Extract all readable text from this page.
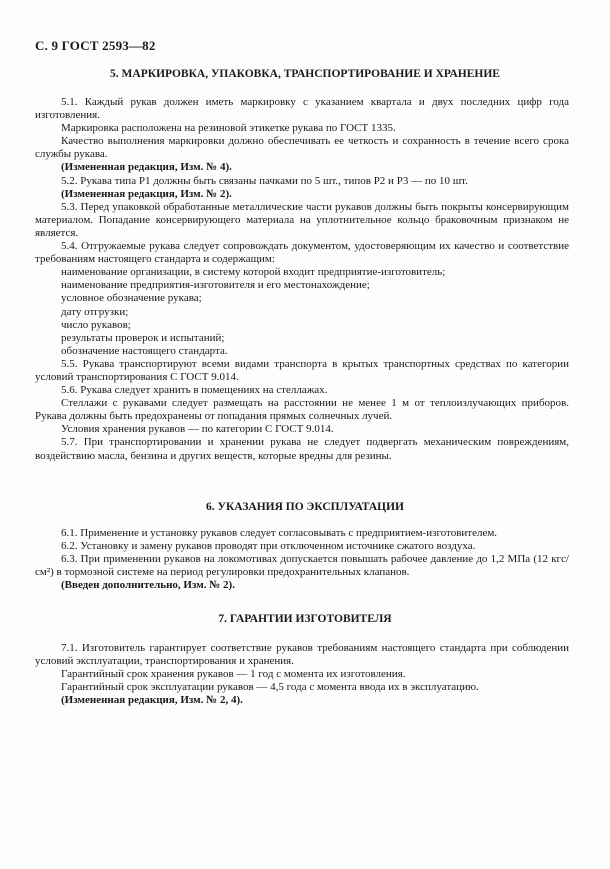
С. 9 ГОСТ 2593—82
5. МАРКИРОВКА, УПАКОВКА, ТРАНСПОРТИРОВАНИЕ И ХРАНЕНИЕ

5.1. Каждый рукав должен иметь маркировку с указанием квартала и двух последних цифр года изготовления.

Маркировка расположена на резиновой этикетке рукава по ГОСТ 1335.

Качество выполнения маркировки должно обеспечивать ее четкость и сохранность в течение всего срока службы рукава.

(Измененная редакция, Изм. № 4).

5.2. Рукава типа Р1 должны быть связаны пачками по 5 шт., типов Р2 и Р3 — по 10 шт.

(Измененная редакция, Изм. № 2).

5.3. Перед упаковкой обработанные металлические части рукавов должны быть покрыты консервирующим материалом. Попадание консервирующего материала на уплотнительное кольцо браковочным признаком не является.

5.4. Отгружаемые рукава следует сопровождать документом, удостоверяющим их качество и соответствие требованиям настоящего стандарта и содержащим:

наименование организации, в систему которой входит предприятие-изготовитель;

наименование предприятия-изготовителя и его местонахождение;

условное обозначение рукава;

дату отгрузки;

число рукавов;

результаты проверок и испытаний;

обозначение настоящего стандарта.

5.5. Рукава транспортируют всеми видами транспорта в крытых транспортных средствах по категории условий транспортирования С ГОСТ 9.014.

5.6. Рукава следует хранить в помещениях на стеллажах.

Стеллажи с рукавами следует размещать на расстоянии не менее 1 м от теплоизлучающих приборов. Рукава должны быть предохранены от попадания прямых солнечных лучей.

Условия хранения рукавов — по категории С ГОСТ 9.014.

5.7. При транспортировании и хранении рукава не следует подвергать механическим повреждениям, воздействию масла, бензина и других веществ, которые вредны для резины.

6. УКАЗАНИЯ ПО ЭКСПЛУАТАЦИИ

6.1. Применение и установку рукавов следует согласовывать с предприятием-изготовителем.

6.2. Установку и замену рукавов проводят при отключенном источнике сжатого воздуха.

6.3. При применении рукавов на локомотивах допускается повышать рабочее давление до 1,2 МПа (12 кгс/см²) в тормозной системе на период регулировки предохранительных клапанов.

(Введен дополнительно, Изм. № 2).

7. ГАРАНТИИ ИЗГОТОВИТЕЛЯ

7.1. Изготовитель гарантирует соответствие рукавов требованиям настоящего стандарта при соблюдении условий эксплуатации, транспортирования и хранения.

Гарантийный срок хранения рукавов — 1 год с момента их изготовления.

Гарантийный срок эксплуатации рукавов — 4,5 года с момента ввода их в эксплуатацию.

(Измененная редакция, Изм. № 2, 4).
